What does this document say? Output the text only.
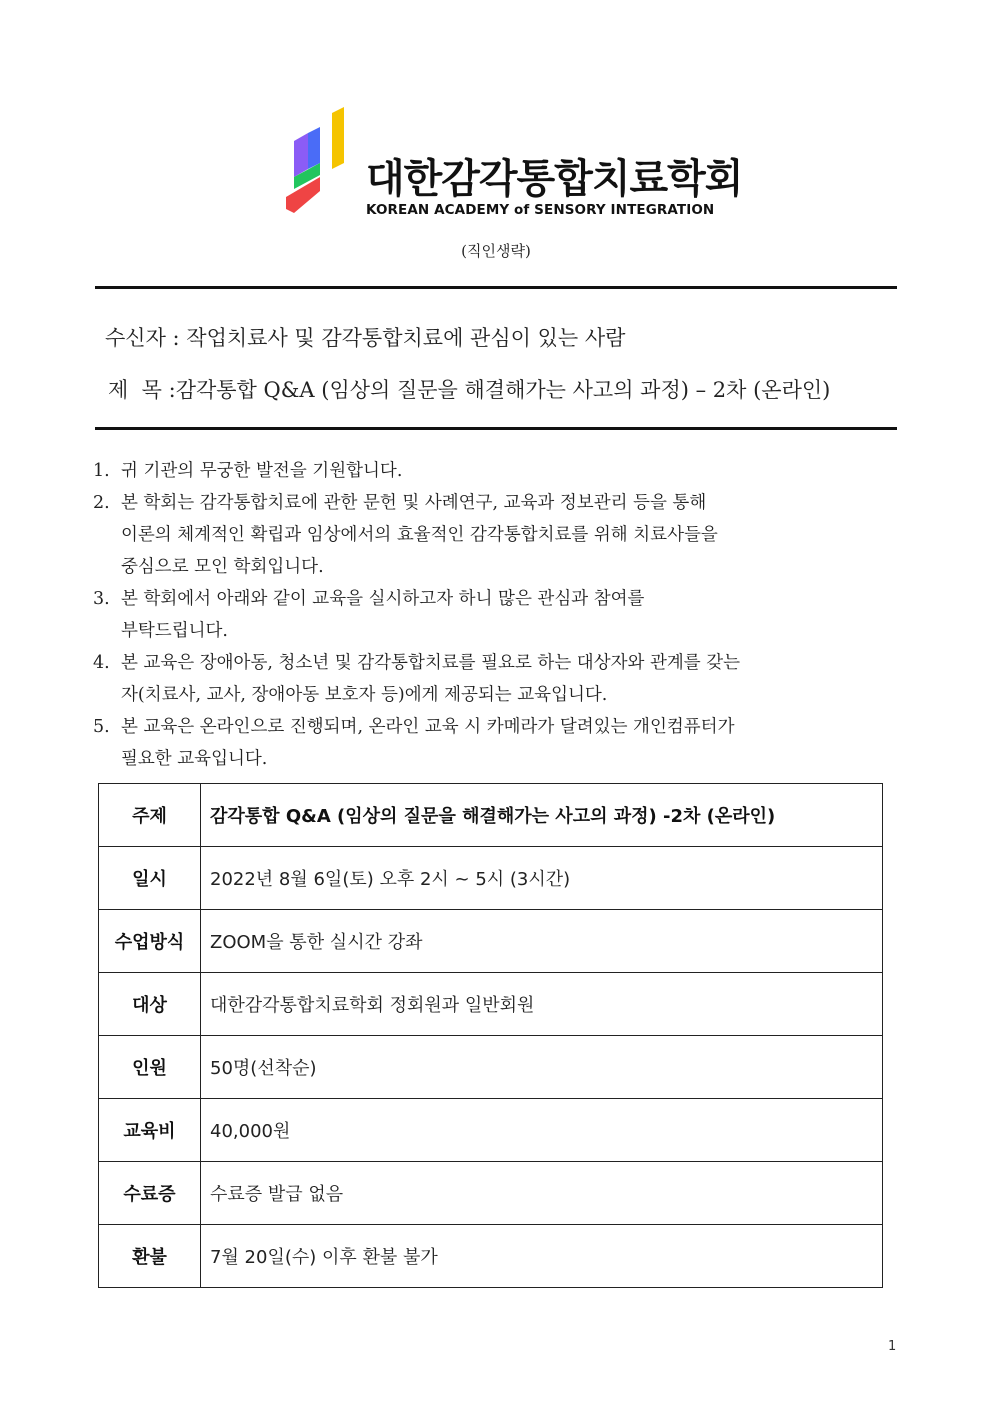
대한감각통합치료학회
KOREAN ACADEMY of SENSORY INTEGRATION
(직인생략)
수신자 : 작업치료사 및 감각통합치료에 관심이 있는 사람
제  목 :감각통합 Q&A (임상의 질문을 해결해가는 사고의 과정) – 2차 (온라인)

1. 귀 기관의 무궁한 발전을 기원합니다.

2. 본 학회는 감각통합치료에 관한 문헌 및 사례연구, 교육과 정보관리 등을 통해
이론의 체계적인 확립과 임상에서의 효율적인 감각통합치료를 위해 치료사들을
중심으로 모인 학회입니다.

3. 본 학회에서 아래와 같이 교육을 실시하고자 하니 많은 관심과 참여를
부탁드립니다.

4. 본 교육은 장애아동, 청소년 및 감각통합치료를 필요로 하는 대상자와 관계를 갖는
자(치료사, 교사, 장애아동 보호자 등)에게 제공되는 교육입니다.

5. 본 교육은 온라인으로 진행되며, 온라인 교육 시 카메라가 달려있는 개인컴퓨터가
필요한 교육입니다.

주제	감각통합 Q&A (임상의 질문을 해결해가는 사고의 과정) -2차 (온라인)
일시	2022년 8월 6일(토) 오후 2시 ~ 5시 (3시간)
수업방식	ZOOM을 통한 실시간 강좌
대상	대한감각통합치료학회 정회원과 일반회원
인원	50명(선착순)
교육비	40,000원
수료증	수료증 발급 없음
환불	7월 20일(수) 이후 환불 불가
1
